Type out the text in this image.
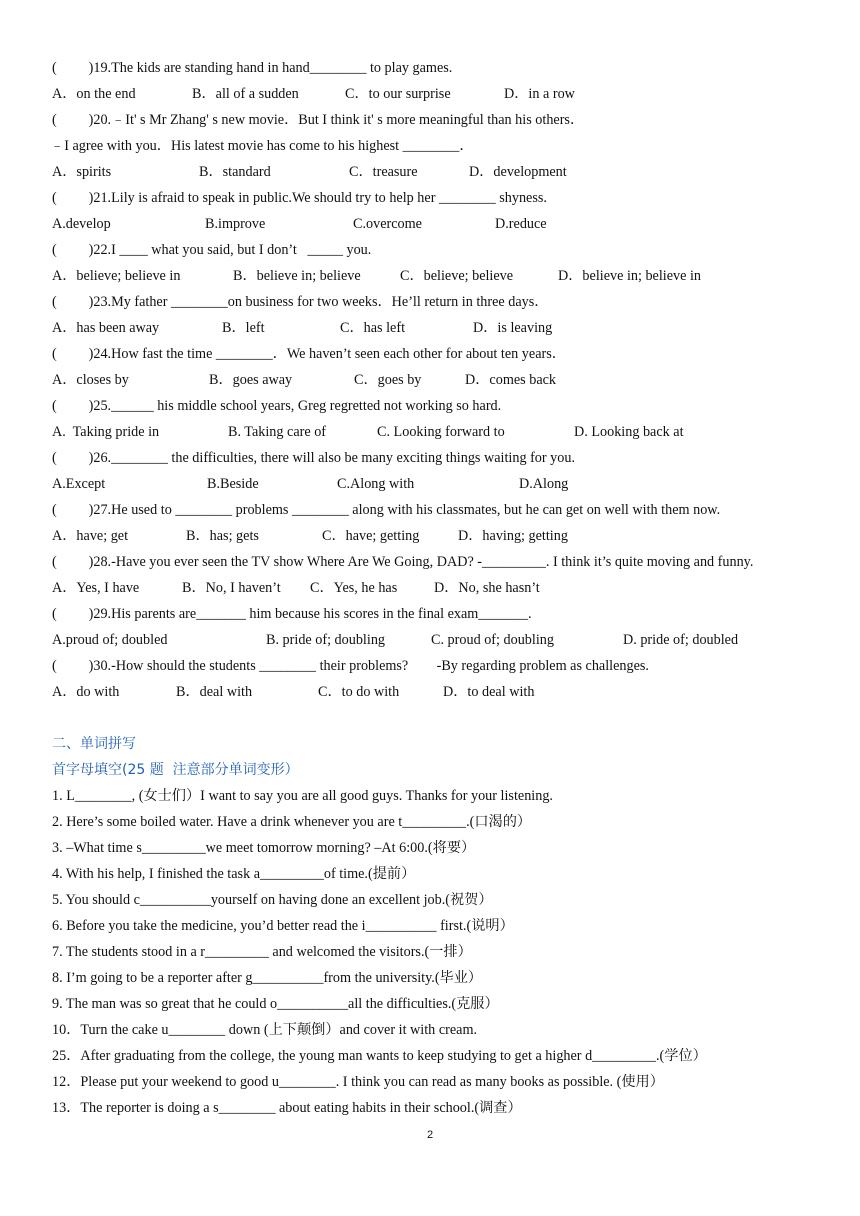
(         )19.The kids are standing hand in hand________ to play games.

A．on the end

	B．all of a sudden

	C．to our surprise

	D．in a row

(         )20.﹣It' s Mr Zhang' s new movie．But I think it' s more meaningful than his others．
﹣I agree with you．His latest movie has come to his highest ________．

A．spirits

	B．standard

	C．treasure

	D．development

(         )21.Lily is afraid to speak in public.We should try to help her ________ shyness.

A.develop

	B.improve

	C.overcome

	D.reduce

(         )22.I ____ what you said, but I don’t   _____ you.

A．believe; believe in

	B．believe in; believe

	C．believe; believe

	D．believe in; believe in

(         )23.My father ________on business for two weeks．He’ll return in three days．

A．has been away

	B．left

	C．has left

	D．is leaving

(         )24.How fast the time ________．We haven’t seen each other for about ten years．

A．closes by

	B．goes away

	C．goes by

	D．comes back

(         )25.______ his middle school years, Greg regretted not working so hard.

A.  Taking pride in

	B. Taking care of

	C. Looking forward to

	D. Looking back at

(         )26.________ the difficulties, there will also be many exciting things waiting for you.

A.Except

	B.Beside

	C.Along with

	D.Along

(         )27.He used to ________ problems ________ along with his classmates, but he can get on well with them now.

A．have; get

	B．has; gets

	C．have; getting

	D．having; getting

(         )28.-Have you ever seen the TV show Where Are We Going, DAD? -_________. I think it’s quite moving and funny.

A．Yes, I have

	B．No, I haven’t

C．Yes, he has

	D．No, she hasn’t

(         )29.His parents are_______ him because his scores in the final exam_______.

A.proud of; doubled

	B. pride of; doubling

	C. proud of; doubling

	D. pride of; doubled

(         )30.-How should the students ________ their problems?        -By regarding problem as challenges.

A．do with

	B．deal with

	C．to do with

	D．to deal with

二、单词拼写
首字母填空(25 题  注意部分单词变形）
1. L________, (女士们）I want to say you are all good guys. Thanks for your listening.
2. Here’s some boiled water. Have a drink whenever you are t_________.(口渴的）
3. –What time s_________we meet tomorrow morning? –At 6:00.(将要）
4. With his help, I finished the task a_________of time.(提前）
5. You should c__________yourself on having done an excellent job.(祝贺）
6. Before you take the medicine, you’d better read the i__________ first.(说明）
7. The students stood in a r_________ and welcomed the visitors.(一排）
8. I’m going to be a reporter after g__________from the university.(毕业）
9. The man was so great that he could o__________all the difficulties.(克服）
10．Turn the cake u________ down (上下颠倒）and cover it with cream.
25．After graduating from the college, the young man wants to keep studying to get a higher d_________.(学位）
12．Please put your weekend to good u________. I think you can read as many books as possible. (使用）
13．The reporter is doing a s________ about eating habits in their school.(调查）
2
